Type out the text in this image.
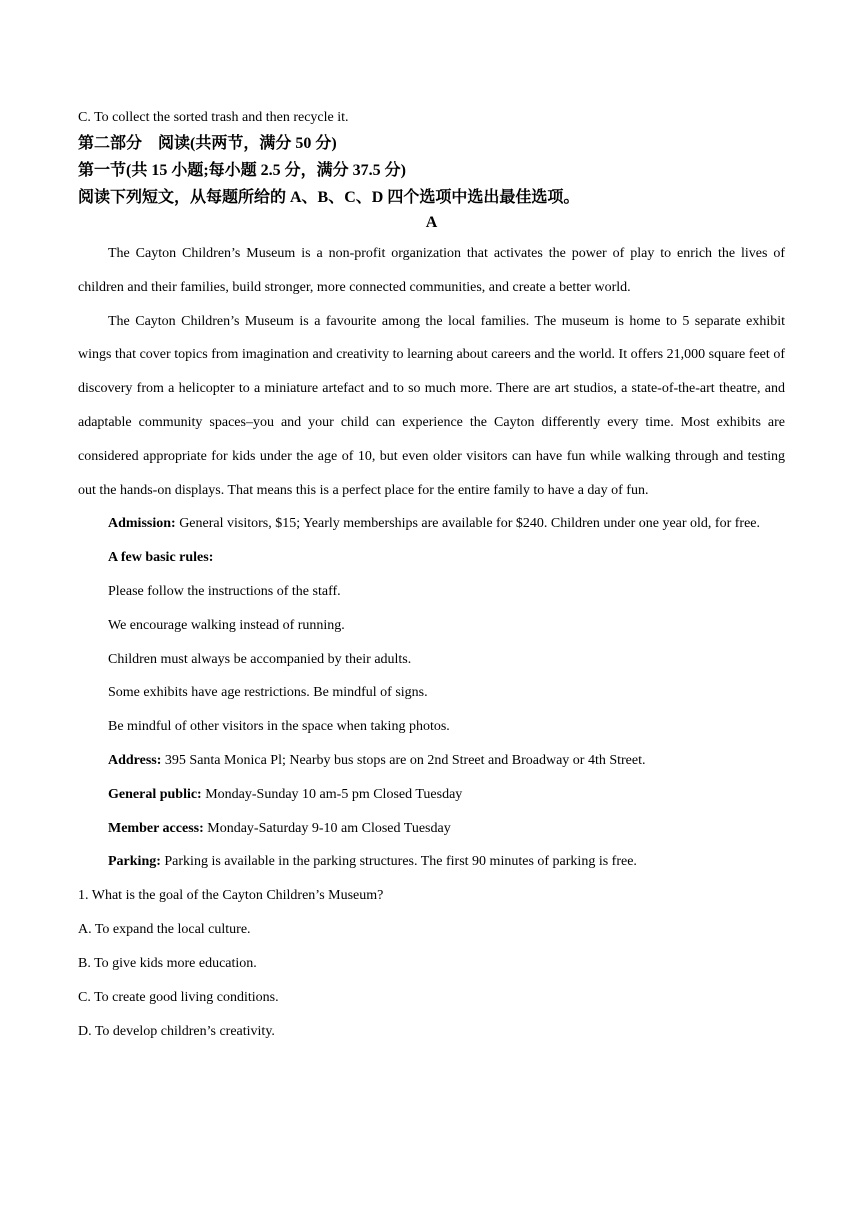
C. To collect the sorted trash and then recycle it.
第二部分　阅读(共两节，满分 50 分)
第一节(共 15 小题;每小题 2.5 分，满分 37.5 分)
阅读下列短文，从每题所给的 A、B、C、D 四个选项中选出最佳选项。
A
The Cayton Children’s Museum is a non-profit organization that activates the power of play to enrich the lives of children and their families, build stronger, more connected communities, and create a better world.
The Cayton Children’s Museum is a favourite among the local families. The museum is home to 5 separate exhibit wings that cover topics from imagination and creativity to learning about careers and the world. It offers 21,000 square feet of discovery from a helicopter to a miniature artefact and to so much more. There are art studios, a state-of-the-art theatre, and adaptable community spaces–you and your child can experience the Cayton differently every time. Most exhibits are considered appropriate for kids under the age of 10, but even older visitors can have fun while walking through and testing out the hands-on displays. That means this is a perfect place for the entire family to have a day of fun.
Admission: General visitors, $15; Yearly memberships are available for $240. Children under one year old, for free.
A few basic rules:
Please follow the instructions of the staff.
We encourage walking instead of running.
Children must always be accompanied by their adults.
Some exhibits have age restrictions. Be mindful of signs.
Be mindful of other visitors in the space when taking photos.
Address: 395 Santa Monica Pl; Nearby bus stops are on 2nd Street and Broadway or 4th Street.
General public: Monday-Sunday 10 am-5 pm Closed Tuesday
Member access: Monday-Saturday 9-10 am Closed Tuesday
Parking: Parking is available in the parking structures. The first 90 minutes of parking is free.
1. What is the goal of the Cayton Children’s Museum?
A. To expand the local culture.
B. To give kids more education.
C. To create good living conditions.
D. To develop children’s creativity.
